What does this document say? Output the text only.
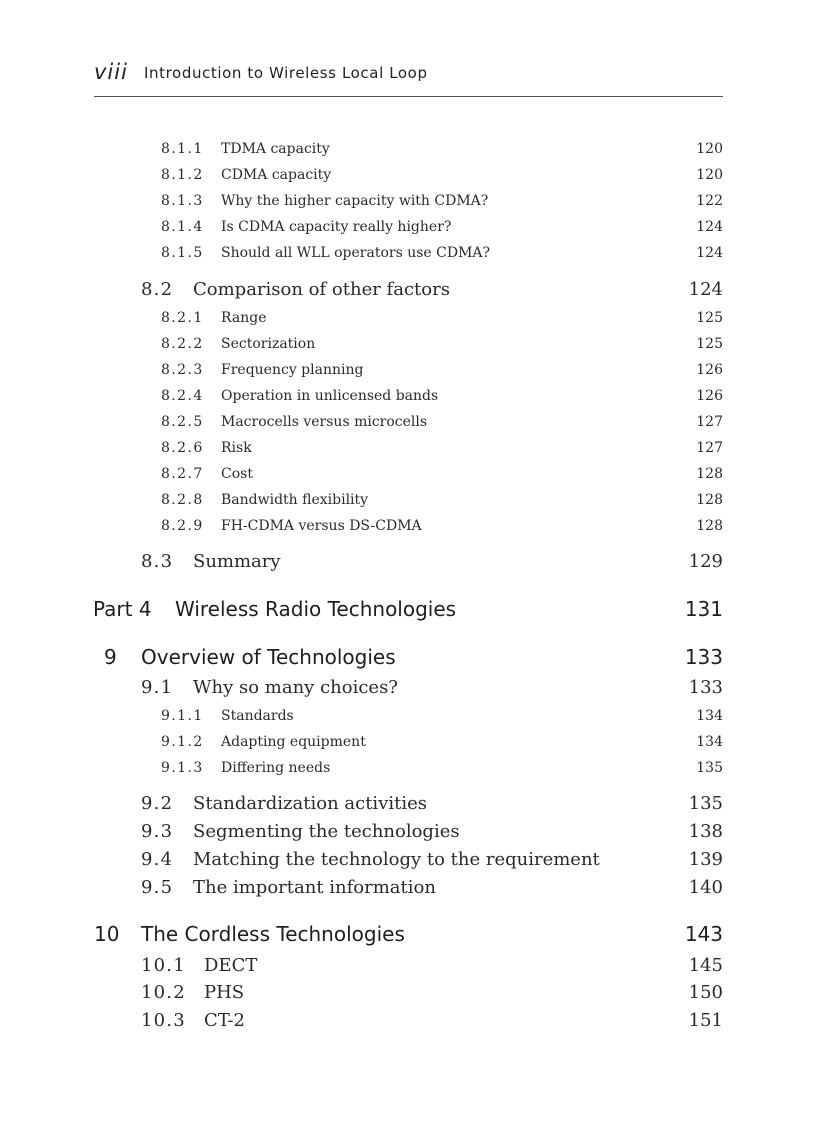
viii Introduction to Wireless Local Loop
8.1.1 TDMA capacity	120
8.1.2 CDMA capacity	120
8.1.3 Why the higher capacity with CDMA?	122
8.1.4 Is CDMA capacity really higher?	124
8.1.5 Should all WLL operators use CDMA?	124
8.2 Comparison of other factors	124
8.2.1 Range	125
8.2.2 Sectorization	125
8.2.3 Frequency planning	126
8.2.4 Operation in unlicensed bands	126
8.2.5 Macrocells versus microcells	127
8.2.6 Risk	127
8.2.7 Cost	128
8.2.8 Bandwidth flexibility	128
8.2.9 FH-CDMA versus DS-CDMA	128
8.3 Summary	129
Part 4 Wireless Radio Technologies	131
9 Overview of Technologies	133
9.1 Why so many choices?	133
9.1.1 Standards	134
9.1.2 Adapting equipment	134
9.1.3 Differing needs	135
9.2 Standardization activities	135
9.3 Segmenting the technologies	138
9.4 Matching the technology to the requirement	139
9.5 The important information	140
10 The Cordless Technologies	143
10.1 DECT	145
10.2 PHS	150
10.3 CT-2	151
